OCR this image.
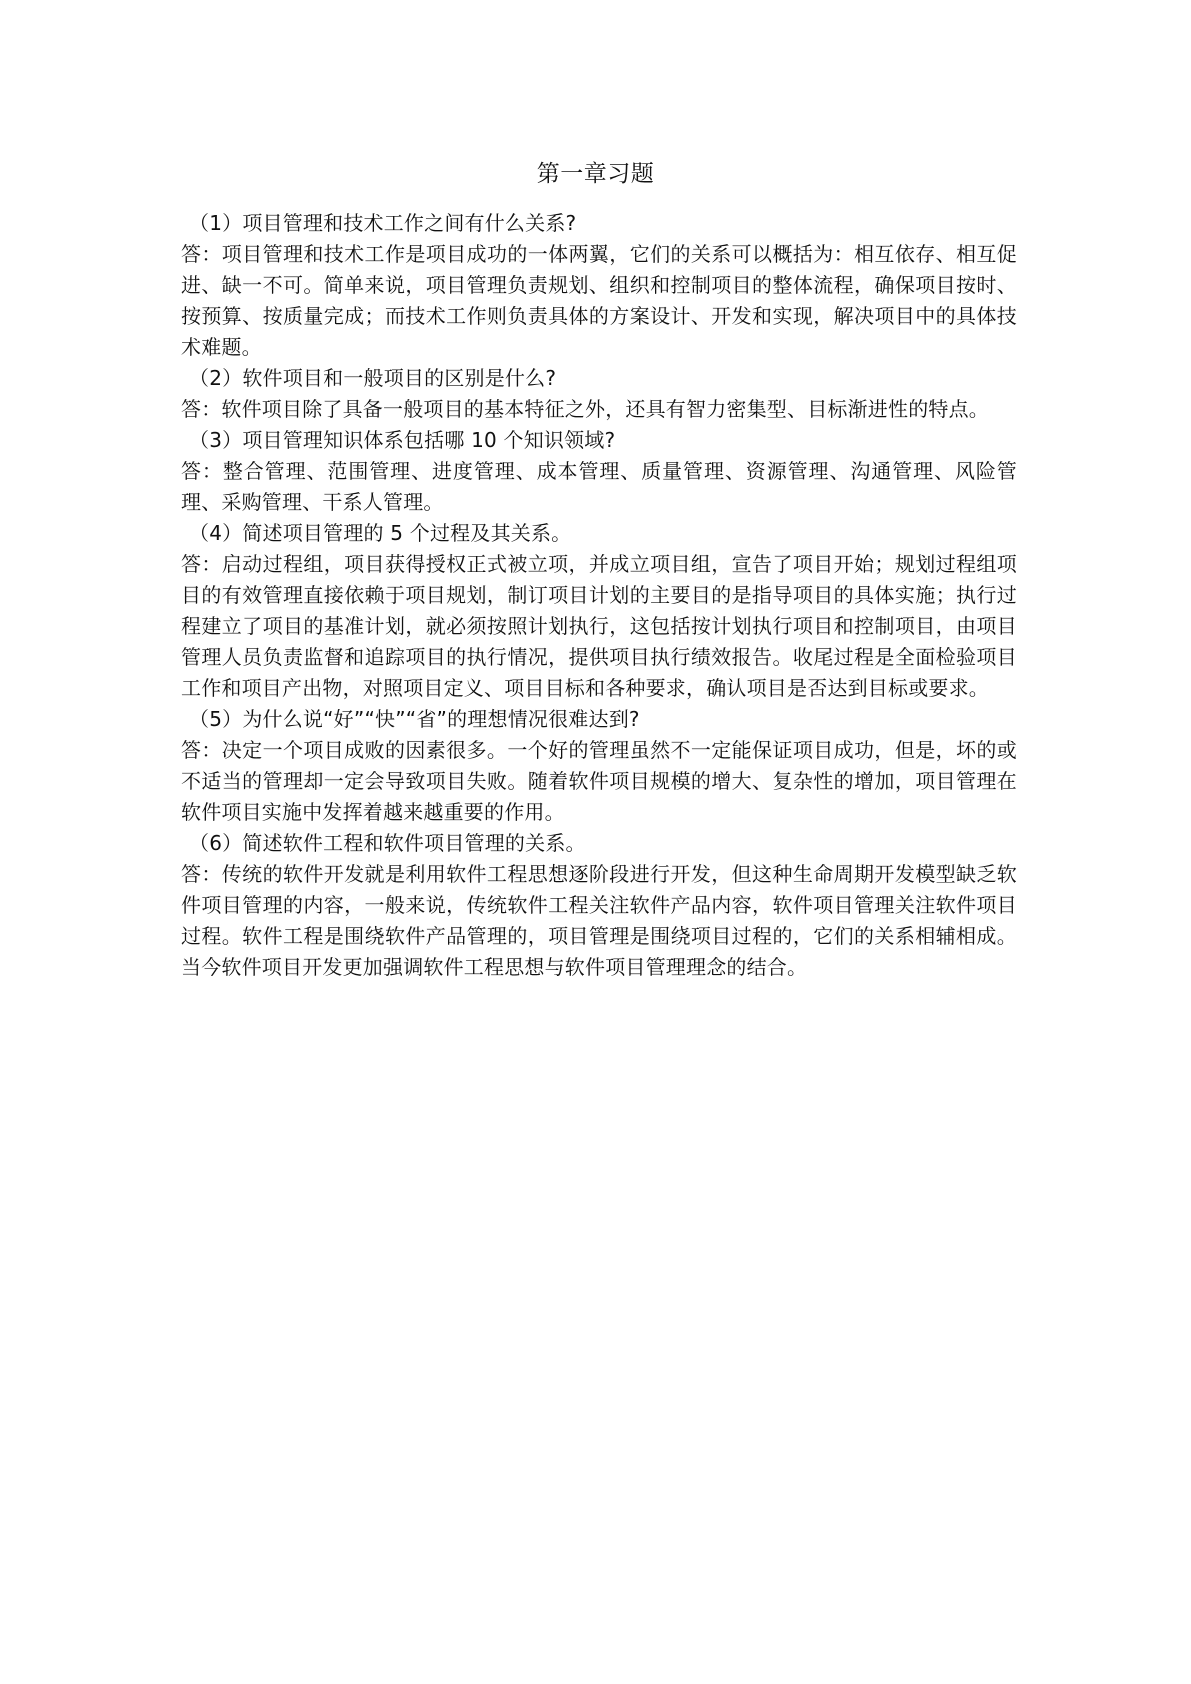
第一章习题

（1）项目管理和技术工作之间有什么关系?

答：项目管理和技术工作是项目成功的一体两翼，它们的关系可以概括为：相互依存、相互促进、缺一不可。简单来说，项目管理负责规划、组织和控制项目的整体流程，确保项目按时、按预算、按质量完成；而技术工作则负责具体的方案设计、开发和实现，解决项目中的具体技术难题。

（2）软件项目和一般项目的区别是什么?

答：软件项目除了具备一般项目的基本特征之外，还具有智力密集型、目标渐进性的特点。

（3）项目管理知识体系包括哪 10 个知识领域?

答：整合管理、范围管理、进度管理、成本管理、质量管理、资源管理、沟通管理、风险管理、采购管理、干系人管理。

（4）简述项目管理的 5 个过程及其关系。

答：启动过程组，项目获得授权正式被立项，并成立项目组，宣告了项目开始；规划过程组项目的有效管理直接依赖于项目规划，制订项目计划的主要目的是指导项目的具体实施；执行过程建立了项目的基准计划，就必须按照计划执行，这包括按计划执行项目和控制项目，由项目管理人员负责监督和追踪项目的执行情况，提供项目执行绩效报告。收尾过程是全面检验项目工作和项目产出物，对照项目定义、项目目标和各种要求，确认项目是否达到目标或要求。

（5）为什么说“好”“快”“省”的理想情况很难达到?

答：决定一个项目成败的因素很多。一个好的管理虽然不一定能保证项目成功，但是，坏的或不适当的管理却一定会导致项目失败。随着软件项目规模的增大、复杂性的增加，项目管理在软件项目实施中发挥着越来越重要的作用。

（6）简述软件工程和软件项目管理的关系。

答：传统的软件开发就是利用软件工程思想逐阶段进行开发，但这种生命周期开发模型缺乏软件项目管理的内容，一般来说，传统软件工程关注软件产品内容，软件项目管理关注软件项目过程。软件工程是围绕软件产品管理的，项目管理是围绕项目过程的，它们的关系相辅相成。当今软件项目开发更加强调软件工程思想与软件项目管理理念的结合。
